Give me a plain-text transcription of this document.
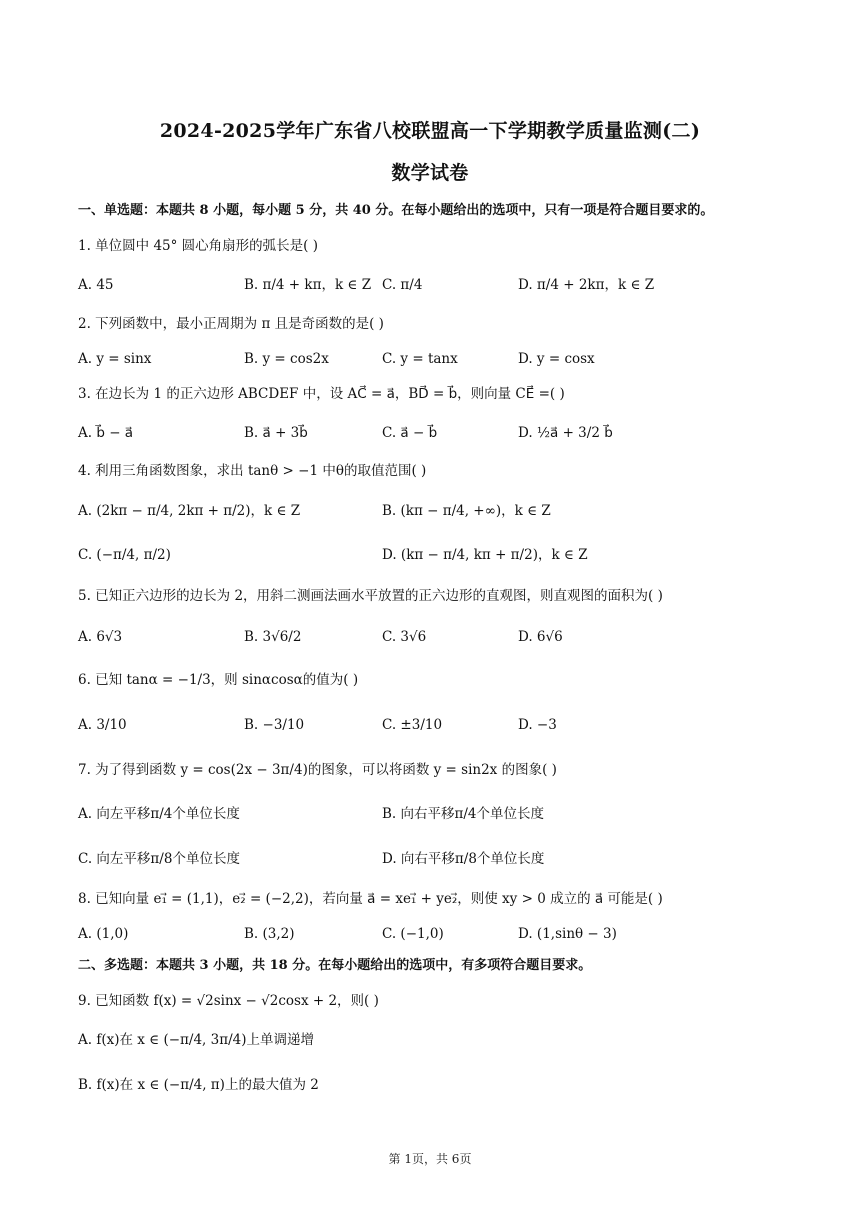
2024-2025学年广东省八校联盟高一下学期教学质量监测(二)
数学试卷
一、单选题：本题共 8 小题，每小题 5 分，共 40 分。在每小题给出的选项中，只有一项是符合题目要求的。
1. 单位圆中 45° 圆心角扇形的弧长是( )
A. 45	B. π/4 + kπ，k ∈ Z C. π/4	D. π/4 + 2kπ，k ∈ Z
2. 下列函数中，最小正周期为 π 且是奇函数的是( )
A. y = sinx	B. y = cos2x	C. y = tanx	D. y = cosx
3. 在边长为 1 的正六边形 ABCDEF 中，设 AC⃗ = a⃗，BD⃗ = b⃗，则向量 CE⃗ =( )
A. b⃗ − a⃗	B. a⃗ + 3b⃗	C. a⃗ − b⃗	D. ½a⃗ + 3/2 b⃗
4. 利用三角函数图象，求出 tanθ > −1 中θ的取值范围( )
A. (2kπ − π/4, 2kπ + π/2)，k ∈ Z	B. (kπ − π/4, +∞)，k ∈ Z
C. (−π/4, π/2)	D. (kπ − π/4, kπ + π/2)，k ∈ Z
5. 已知正六边形的边长为 2，用斜二测画法画水平放置的正六边形的直观图，则直观图的面积为( )
A. 6√3	B. 3√6/2	C. 3√6	D. 6√6
6. 已知 tanα = −1/3，则 sinαcosα的值为( )
A. 3/10	B. −3/10	C. ±3/10	D. −3
7. 为了得到函数 y = cos(2x − 3π/4)的图象，可以将函数 y = sin2x 的图象( )
A. 向左平移π/4个单位长度	B. 向右平移π/4个单位长度
C. 向左平移π/8个单位长度	D. 向右平移π/8个单位长度
8. 已知向量 e₁⃗ = (1,1)，e₂⃗ = (−2,2)，若向量 a⃗ = xe₁⃗ + ye₂⃗，则使 xy > 0 成立的 a⃗ 可能是( )
A. (1,0)	B. (3,2)	C. (−1,0)	D. (1,sinθ − 3)
二、多选题：本题共 3 小题，共 18 分。在每小题给出的选项中，有多项符合题目要求。
9. 已知函数 f(x) = √2sinx − √2cosx + 2，则( )
A. f(x)在 x ∈ (−π/4, 3π/4)上单调递增
B. f(x)在 x ∈ (−π/4, π)上的最大值为 2
第 1页，共 6页
